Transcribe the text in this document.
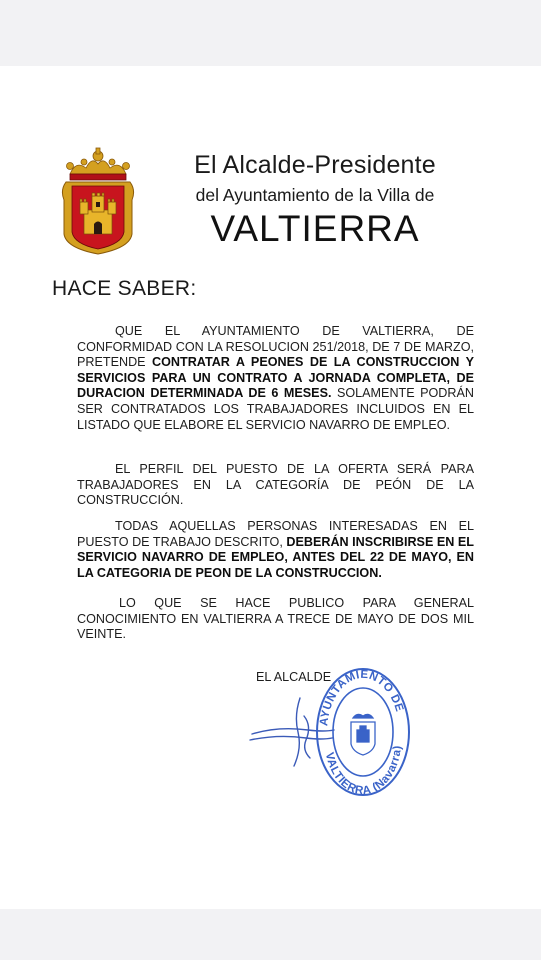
El Alcalde-Presidente
del Ayuntamiento de la Villa de
VALTIERRA
HACE SABER:
QUE EL AYUNTAMIENTO DE VALTIERRA, DE CONFORMIDAD CON LA RESOLUCION 251/2018, DE 7 DE MARZO, PRETENDE CONTRATAR A PEONES DE LA CONSTRUCCION Y SERVICIOS PARA UN CONTRATO A JORNADA COMPLETA, DE DURACION DETERMINADA DE 6 MESES. SOLAMENTE PODRÁN SER CONTRATADOS LOS TRABAJADORES INCLUIDOS EN EL LISTADO QUE ELABORE EL SERVICIO NAVARRO DE EMPLEO.
EL PERFIL DEL PUESTO DE LA OFERTA SERÁ PARA TRABAJADORES EN LA CATEGORÍA DE PEÓN DE LA CONSTRUCCIÓN.
TODAS AQUELLAS PERSONAS INTERESADAS EN EL PUESTO DE TRABAJO DESCRITO, DEBERÁN INSCRIBIRSE EN EL SERVICIO NAVARRO DE EMPLEO, ANTES DEL 22 DE MAYO, EN LA CATEGORIA DE PEON DE LA CONSTRUCCION.
LO QUE SE HACE PUBLICO PARA GENERAL CONOCIMIENTO EN VALTIERRA A TRECE DE MAYO DE DOS MIL VEINTE.
EL ALCALDE
AYUNTAMIENTO DE
VALTIERRA (Navarra)
